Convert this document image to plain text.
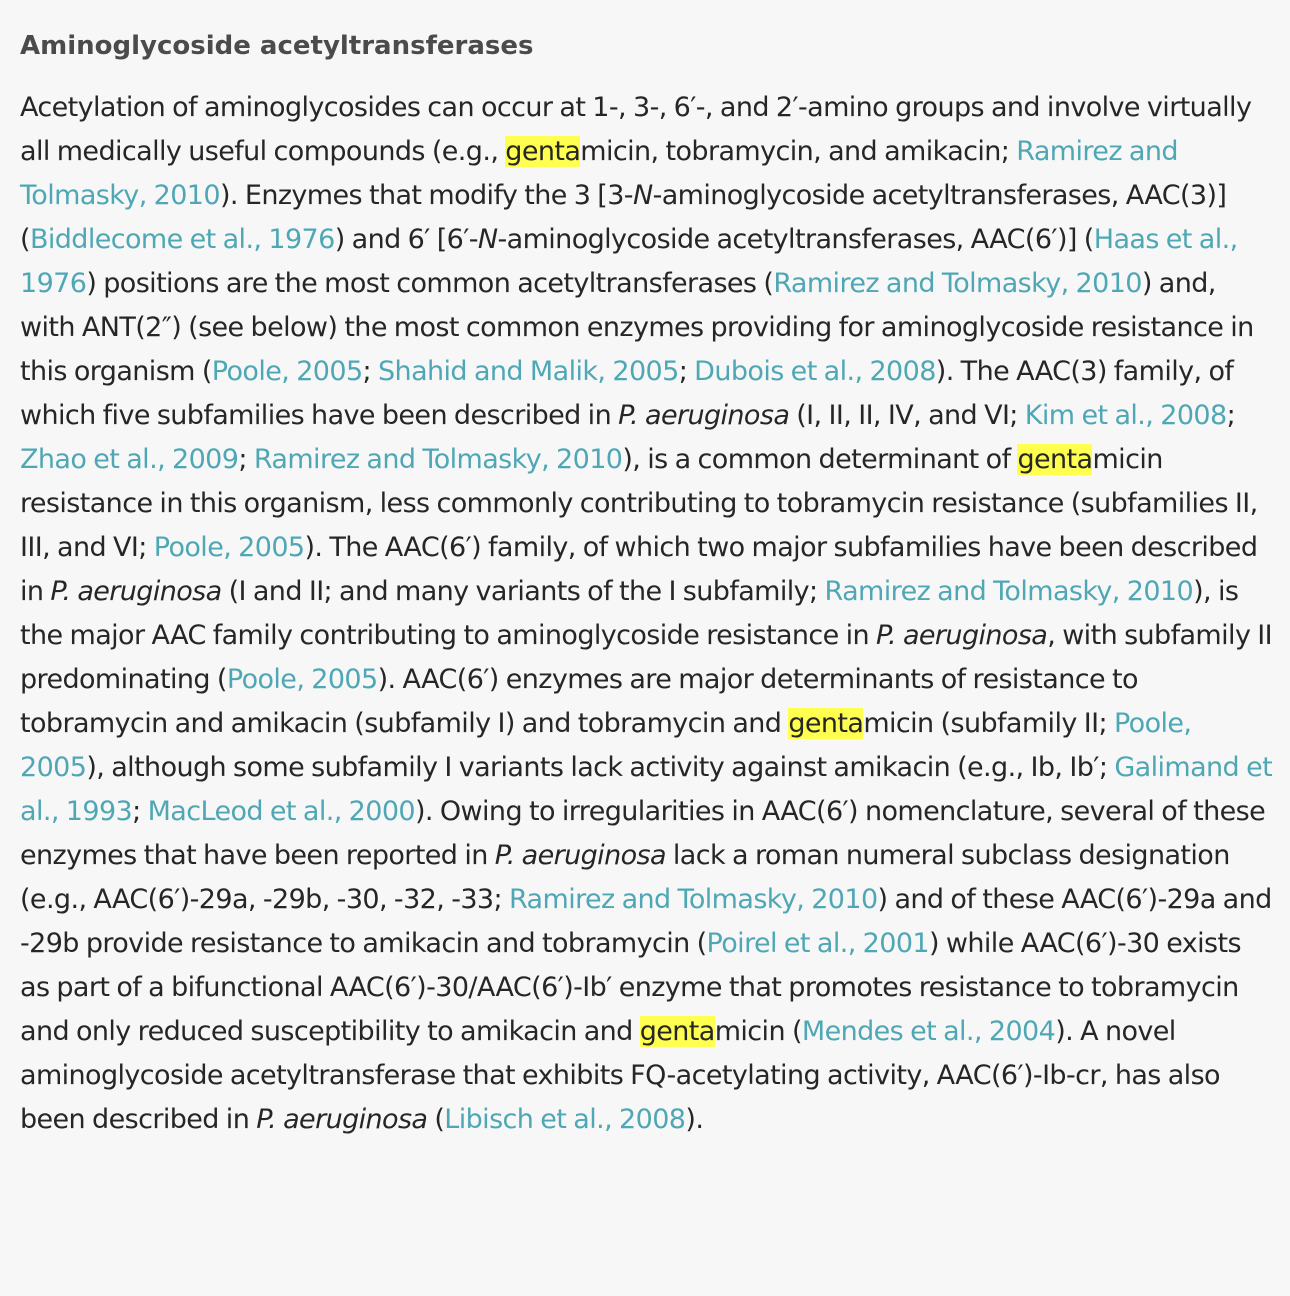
Aminoglycoside acetyltransferases

Acetylation of aminoglycosides can occur at 1-, 3-, 6′-, and 2′-amino groups and involve virtually all medically useful compounds (e.g., gentamicin, tobramycin, and amikacin; Ramirez and Tolmasky, 2010). Enzymes that modify the 3 [3-N-aminoglycoside acetyltransferases, AAC(3)] (Biddlecome et al., 1976) and 6′ [6′-N-aminoglycoside acetyltransferases, AAC(6′)] (Haas et al., 1976) positions are the most common acetyltransferases (Ramirez and Tolmasky, 2010) and, with ANT(2″) (see below) the most common enzymes providing for aminoglycoside resistance in this organism (Poole, 2005; Shahid and Malik, 2005; Dubois et al., 2008). The AAC(3) family, of which five subfamilies have been described in P. aeruginosa (I, II, II, IV, and VI; Kim et al., 2008; Zhao et al., 2009; Ramirez and Tolmasky, 2010), is a common determinant of gentamicin resistance in this organism, less commonly contributing to tobramycin resistance (subfamilies II, III, and VI; Poole, 2005). The AAC(6′) family, of which two major subfamilies have been described in P. aeruginosa (I and II; and many variants of the I subfamily; Ramirez and Tolmasky, 2010), is the major AAC family contributing to aminoglycoside resistance in P. aeruginosa, with subfamily II predominating (Poole, 2005). AAC(6′) enzymes are major determinants of resistance to tobramycin and amikacin (subfamily I) and tobramycin and gentamicin (subfamily II; Poole, 2005), although some subfamily I variants lack activity against amikacin (e.g., Ib, Ib′; Galimand et al., 1993; MacLeod et al., 2000). Owing to irregularities in AAC(6′) nomenclature, several of these enzymes that have been reported in P. aeruginosa lack a roman numeral subclass designation (e.g., AAC(6′)-29a, -29b, -30, -32, -33; Ramirez and Tolmasky, 2010) and of these AAC(6′)-29a and -29b provide resistance to amikacin and tobramycin (Poirel et al., 2001) while AAC(6′)-30 exists as part of a bifunctional AAC(6′)-30/AAC(6′)-Ib′ enzyme that promotes resistance to tobramycin and only reduced susceptibility to amikacin and gentamicin (Mendes et al., 2004). A novel aminoglycoside acetyltransferase that exhibits FQ-acetylating activity, AAC(6′)-Ib-cr, has also been described in P. aeruginosa (Libisch et al., 2008).
